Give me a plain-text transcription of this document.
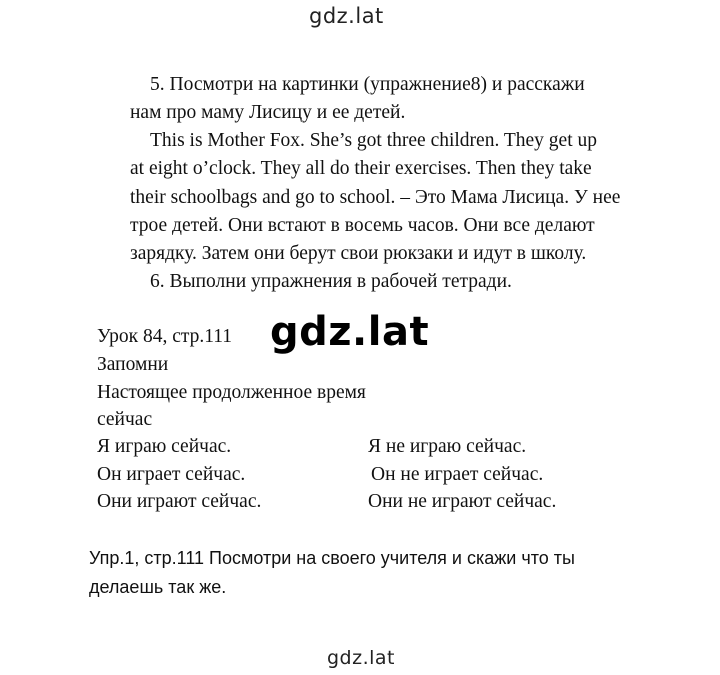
gdz.lat
5. Посмотри на картинки (упражнение8) и расскажи
нам про маму Лисицу и ее детей.
This is Mother Fox. She’s got three children. They get up
at eight o’clock. They all do their exercises. Then they take
their schoolbags and go to school. – Это Мама Лисица. У нее
трое детей. Они встают в восемь часов. Они все делают
зарядку. Затем они берут свои рюкзаки и идут в школу.
6. Выполни упражнения в рабочей тетради.
Урок 84, стр.111 gdz.lat
Запомни
Настоящее продолженное время
сейчас
Я играю сейчас.	Я не играю сейчас.
Он играет сейчас.	Он не играет сейчас.
Они играют сейчас.	Они не играют сейчас.
Упр.1, стр.111 Посмотри на своего учителя и скажи что ты
делаешь так же.
gdz.lat
